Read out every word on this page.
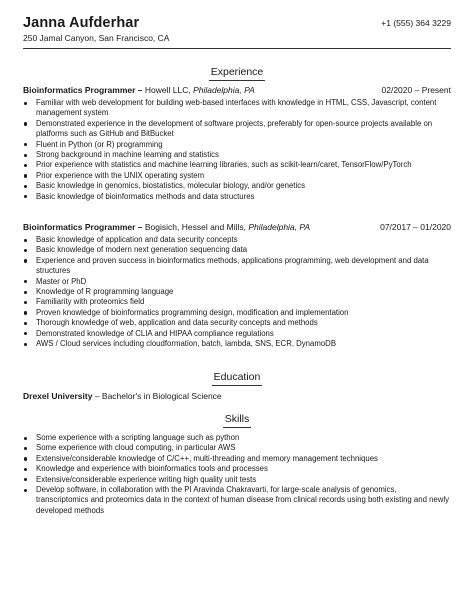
Janna Aufderhar	+1 (555) 364 3229
250 Jamal Canyon, San Francisco, CA
Experience
Bioinformatics Programmer – Howell LLC, Philadelphia, PA	02/2020 – Present
Familiar with web development for building web-based interfaces with knowledge in HTML, CSS, Javascript, content management system
Demonstrated experience in the development of software projects, preferably for open-source projects available on platforms such as GitHub and BitBucket
Fluent in Python (or R) programming
Strong background in machine learning and statistics
Prior experience with statistics and machine learning libraries, such as scikit-learn/caret, TensorFlow/PyTorch
Prior experience with the UNIX operating system
Basic knowledge in genomics, biostatistics, molecular biology, and/or genetics
Basic knowledge of bioinformatics methods and data structures
Bioinformatics Programmer – Bogisich, Hessel and Mills, Philadelphia, PA	07/2017 – 01/2020
Basic knowledge of application and data security concepts
Basic knowledge of modern next generation sequencing data
Experience and proven success in bioinformatics methods, applications programming, web development and data structures
Master or PhD
Knowledge of R programming language
Familiarity with proteomics field
Proven knowledge of bioinformatics programming design, modification and implementation
Thorough knowledge of web, application and data security concepts and methods
Demonstrated knowledge of CLIA and HIPAA compliance regulations
AWS / Cloud services including cloudformation, batch, lambda, SNS, ECR, DynamoDB
Education
Drexel University – Bachelor's in Biological Science
Skills
Some experience with a scripting language such as python
Some experience with cloud computing, in particular AWS
Extensive/considerable knowledge of C/C++, multi-threading and memory management techniques
Knowledge and experience with bioinformatics tools and processes
Extensive/considerable experience writing high quality unit tests
Develop software, in collaboration with the PI Aravinda Chakravarti, for large-scale analysis of genomics, transcriptomics and proteomics data in the context of human disease from clinical records using both existing and newly developed methods
